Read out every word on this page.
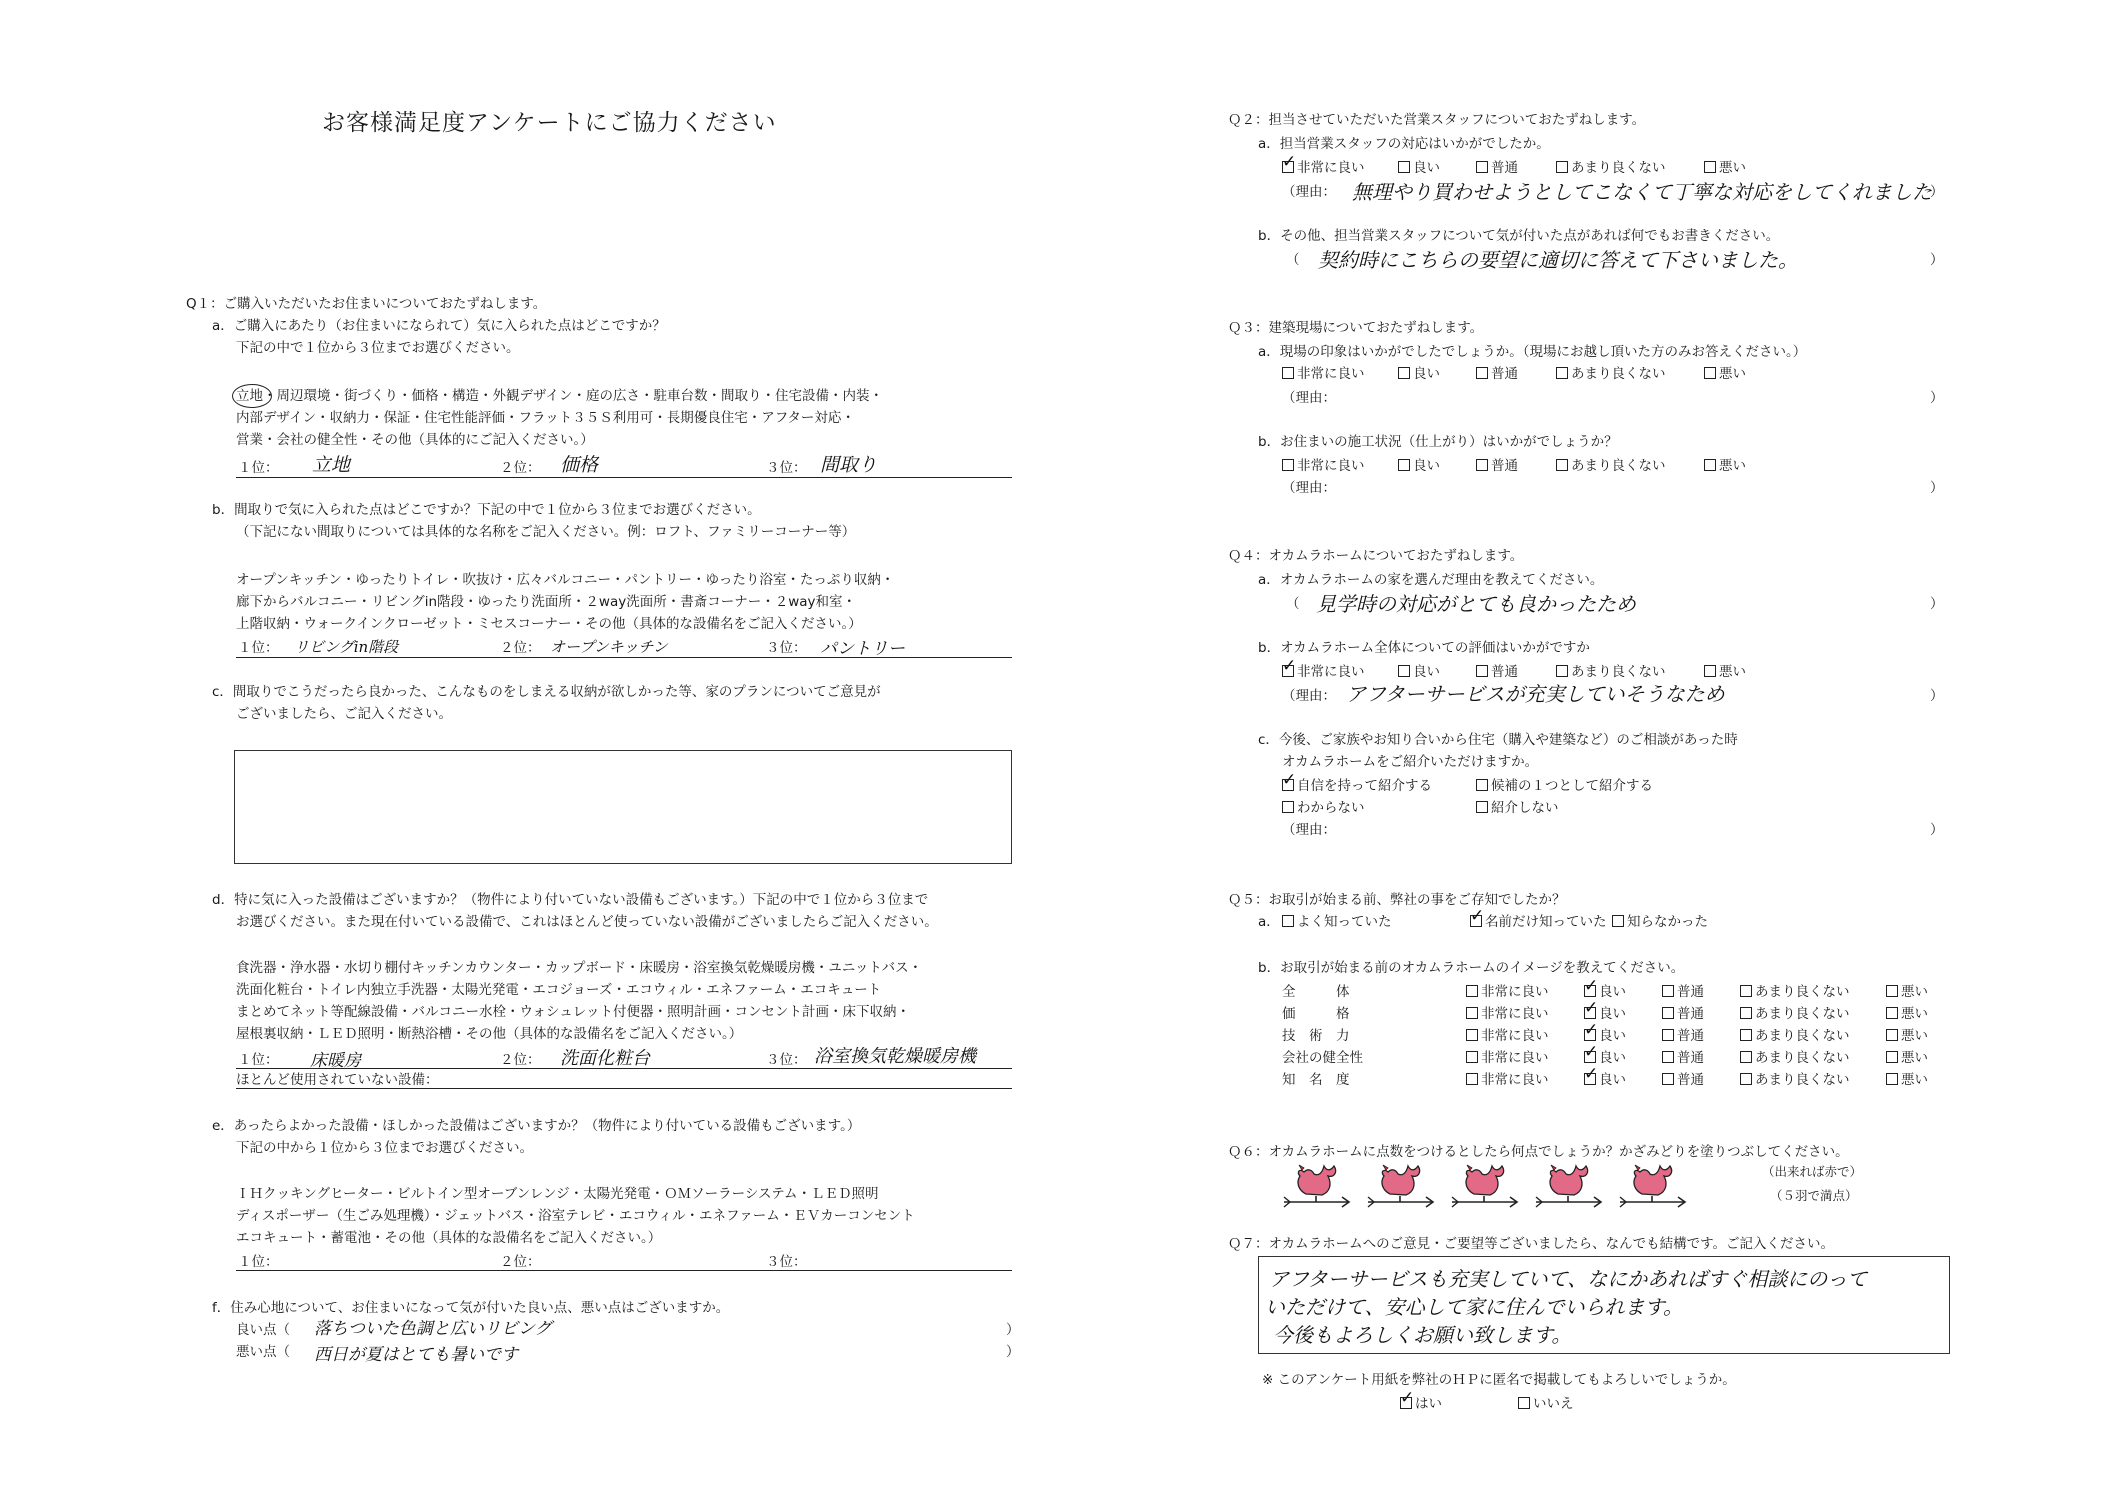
お客様満足度アンケートにご協力ください
Q１：ご購入いただいたお住まいについておたずねします。
a．ご購入にあたり（お住まいになられて）気に入られた点はどこですか？
下記の中で１位から３位までお選びください。
立地・周辺環境・街づくり・価格・構造・外観デザイン・庭の広さ・駐車台数・間取り・住宅設備・内装・
内部デザイン・収納力・保証・住宅性能評価・フラット３５Ｓ利用可・長期優良住宅・アフター対応・
営業・会社の健全性・その他（具体的にご記入ください。）
１位： 立地	２位： 価格	３位： 間取り
b．間取りで気に入られた点はどこですか？下記の中で１位から３位までお選びください。
（下記にない間取りについては具体的な名称をご記入ください。例：ロフト、ファミリーコーナー等）
オープンキッチン・ゆったりトイレ・吹抜け・広々バルコニー・パントリー・ゆったり浴室・たっぷり収納・
廊下からバルコニー・リビングin階段・ゆったり洗面所・２way洗面所・書斎コーナー・２way和室・
上階収納・ウォークインクローゼット・ミセスコーナー・その他（具体的な設備名をご記入ください。）
１位： リビングin階段	２位： オープンキッチン	３位： パントリー
c．間取りでこうだったら良かった、こんなものをしまえる収納が欲しかった等、家のプランについてご意見が
ございましたら、ご記入ください。
d．特に気に入った設備はございますか？（物件により付いていない設備もございます。）下記の中で１位から３位まで
お選びください。また現在付いている設備で、これはほとんど使っていない設備がございましたらご記入ください。
食洗器・浄水器・水切り棚付キッチンカウンター・カップボード・床暖房・浴室換気乾燥暖房機・ユニットバス・
洗面化粧台・トイレ内独立手洗器・太陽光発電・エコジョーズ・エコウィル・エネファーム・エコキュート
まとめてネット等配線設備・バルコニー水栓・ウォシュレット付便器・照明計画・コンセント計画・床下収納・
屋根裏収納・ＬＥＤ照明・断熱浴槽・その他（具体的な設備名をご記入ください。）
１位： 床暖房	２位： 洗面化粧台	３位： 浴室換気乾燥暖房機
ほとんど使用されていない設備：
e．あったらよかった設備・ほしかった設備はございますか？（物件により付いている設備もございます。）
下記の中から１位から３位までお選びください。
ＩＨクッキングヒーター・ビルトイン型オーブンレンジ・太陽光発電・ＯＭソーラーシステム・ＬＥＤ照明
ディスポーザー（生ごみ処理機）・ジェットバス・浴室テレビ・エコウィル・エネファーム・ＥＶカーコンセント
エコキュート・蓄電池・その他（具体的な設備名をご記入ください。）
１位：	２位：	３位：
f．住み心地について、お住まいになって気が付いた良い点、悪い点はございますか。
良い点（ 落ちついた色調と広いリビング	）
悪い点（ 西日が夏はとても暑いです	）
Ｑ２：担当させていただいた営業スタッフについておたずねします。
a．担当営業スタッフの対応はいかがでしたか。
✓非常に良い	良い	普通	あまり良くない	悪い
（理由： 無理やり買わせようとしてこなくて丁寧な対応をしてくれました
）
b．その他、担当営業スタッフについて気が付いた点があれば何でもお書きください。
（ 契約時にこちらの要望に適切に答えて下さいました。	）
Ｑ３：建築現場についておたずねします。
a．現場の印象はいかがでしたでしょうか。（現場にお越し頂いた方のみお答えください。）
非常に良い	良い	普通	あまり良くない	悪い
（理由：	）
b．お住まいの施工状況（仕上がり）はいかがでしょうか？
非常に良い	良い	普通	あまり良くない	悪い
（理由：	）
Ｑ４：オカムラホームについておたずねします。
a．オカムラホームの家を選んだ理由を教えてください。
（ 見学時の対応がとても良かったため	）
b．オカムラホーム全体についての評価はいかがですか
✓非常に良い	良い	普通	あまり良くない	悪い
（理由： アフターサービスが充実していそうなため	）
c．今後、ご家族やお知り合いから住宅（購入や建築など）のご相談があった時
オカムラホームをご紹介いただけますか。
✓自信を持って紹介する	候補の１つとして紹介する
わからない	紹介しない
（理由：	）
Ｑ５：お取引が始まる前、弊社の事をご存知でしたか？
a．	よく知っていた ✓	名前だけ知っていた	知らなかった
b．お取引が始まる前のオカムラホームのイメージを教えてください。
全　　　体	非常に良い ✓	良い	普通	あまり良くない	悪い
価　　　格	非常に良い ✓	良い	普通	あまり良くない	悪い
技　術　力	非常に良い ✓	良い	普通	あまり良くない	悪い
会社の健全性	非常に良い ✓	良い	普通	あまり良くない	悪い
知　名　度	非常に良い ✓	良い	普通	あまり良くない	悪い
Ｑ６：オカムラホームに点数をつけるとしたら何点でしょうか？かざみどりを塗りつぶしてください。
（出来れば赤で）
（５羽で満点）
Ｑ７：オカムラホームへのご意見・ご要望等ございましたら、なんでも結構です。ご記入ください。
アフターサービスも充実していて、なにかあればすぐ相談にのって
いただけて、安心して家に住んでいられます。
今後もよろしくお願い致します。
※ このアンケート用紙を弊社のＨＰに匿名で掲載してもよろしいでしょうか。
✓はい	いいえ
